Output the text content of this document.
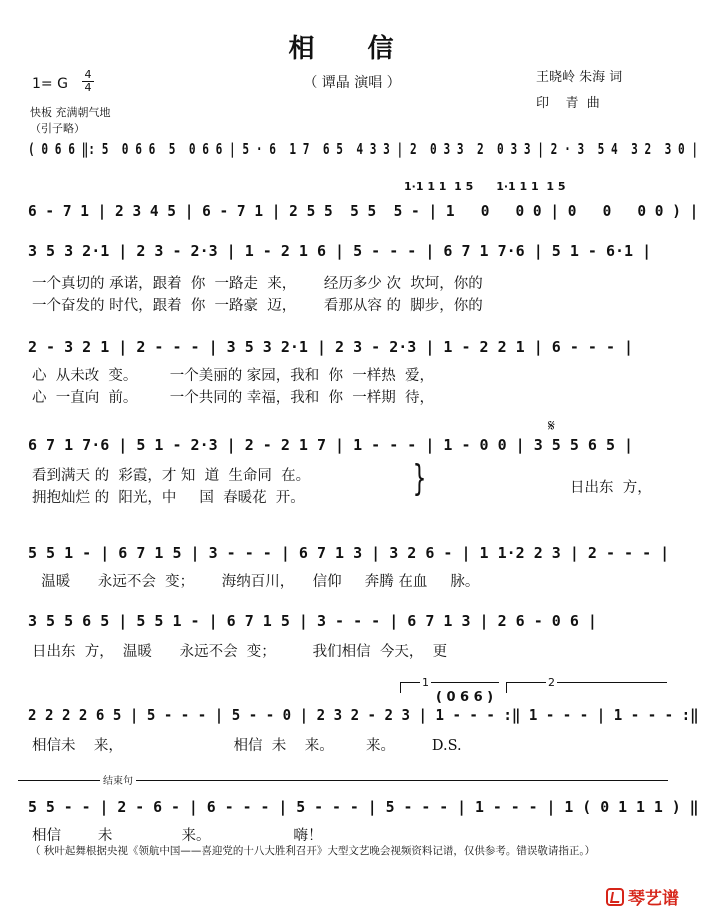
相 信
（ 谭晶 演唱 ）	王晓岭 朱海 词
印    青  曲
1= G
4
4
快板 充满朝气地
（引子略）
( 0 6 6 ‖: 5  0 6 6  5  0 6 6 | 5 · 6  1 7  6 5  4 3 3 | 2  0 3 3  2  0 3 3 | 2 · 3  5 4  3 2  3 0 |
1·1 1 1  1 5      1·1 1 1  1 5
6 - 7 1 | 2 3 4 5 | 6 - 7 1 | 2 5 5  5 5  5 - | 1   0   0 0 | 0   0   0 0 ) |
3 5 3 2·1 | 2 3 - 2·3 | 1 - 2 1 6 | 5 - - - | 6 7 1 7·6 | 5 1 - 6·1 |
一个真切的 承诺，跟着  你  一路走  来，      经历多少 次  坎坷，你的
一个奋发的 时代，跟着  你  一路豪  迈，      看那从容 的  脚步，你的
2 - 3 2 1 | 2 - - - | 3 5 3 2·1 | 2 3 - 2·3 | 1 - 2 2 1 | 6 - - - |
心  从未改  变。       一个美丽的 家园，我和  你  一样热  爱，
心  一直向  前。       一个共同的 幸福，我和  你  一样期  待，
𝄋
6 7 1 7·6 | 5 1 - 2·3 | 2 - 2 1 7 | 1 - - - | 1 - 0 0 | 3 5 5 6 5 |
看到满天 的  彩霞，才 知  道  生命同  在。
拥抱灿烂 的  阳光，中     国  春暖花  开。	}	日出东  方，
5 5 1 - | 6 7 1 5 | 3 - - - | 6 7 1 3 | 3 2 6 - | 1 1·2 2 3 | 2 - - - |
温暖      永远不会  变；      海纳百川，    信仰     奔腾 在血     脉。
3 5 5 6 5 | 5 5 1 - | 6 7 1 5 | 3 - - - | 6 7 1 3 | 2 6 - 0 6 |
日出东  方，  温暖      永远不会  变；        我们相信  今天，  更
1	2
( 0 6 6 )
2 2 2 2 6 5 | 5 - - - | 5 - - 0 | 2 3 2 - 2 3 | 1 - - - :‖ 1 - - - | 1 - - - :‖
相信未    来，                        相信  未    来。       来。        D.S.
结束句
5 5 - - | 2 - 6 - | 6 - - - | 5 - - - | 5 - - - | 1 - - - | 1 ( 0 1 1 1 ) ‖
相信        未               来。                  嗨！
（ 秋叶起舞根据央视《领航中国——喜迎党的十八大胜利召开》大型文艺晚会视频资料记谱，仅供参考。错误敬请指正。）
琴艺谱
